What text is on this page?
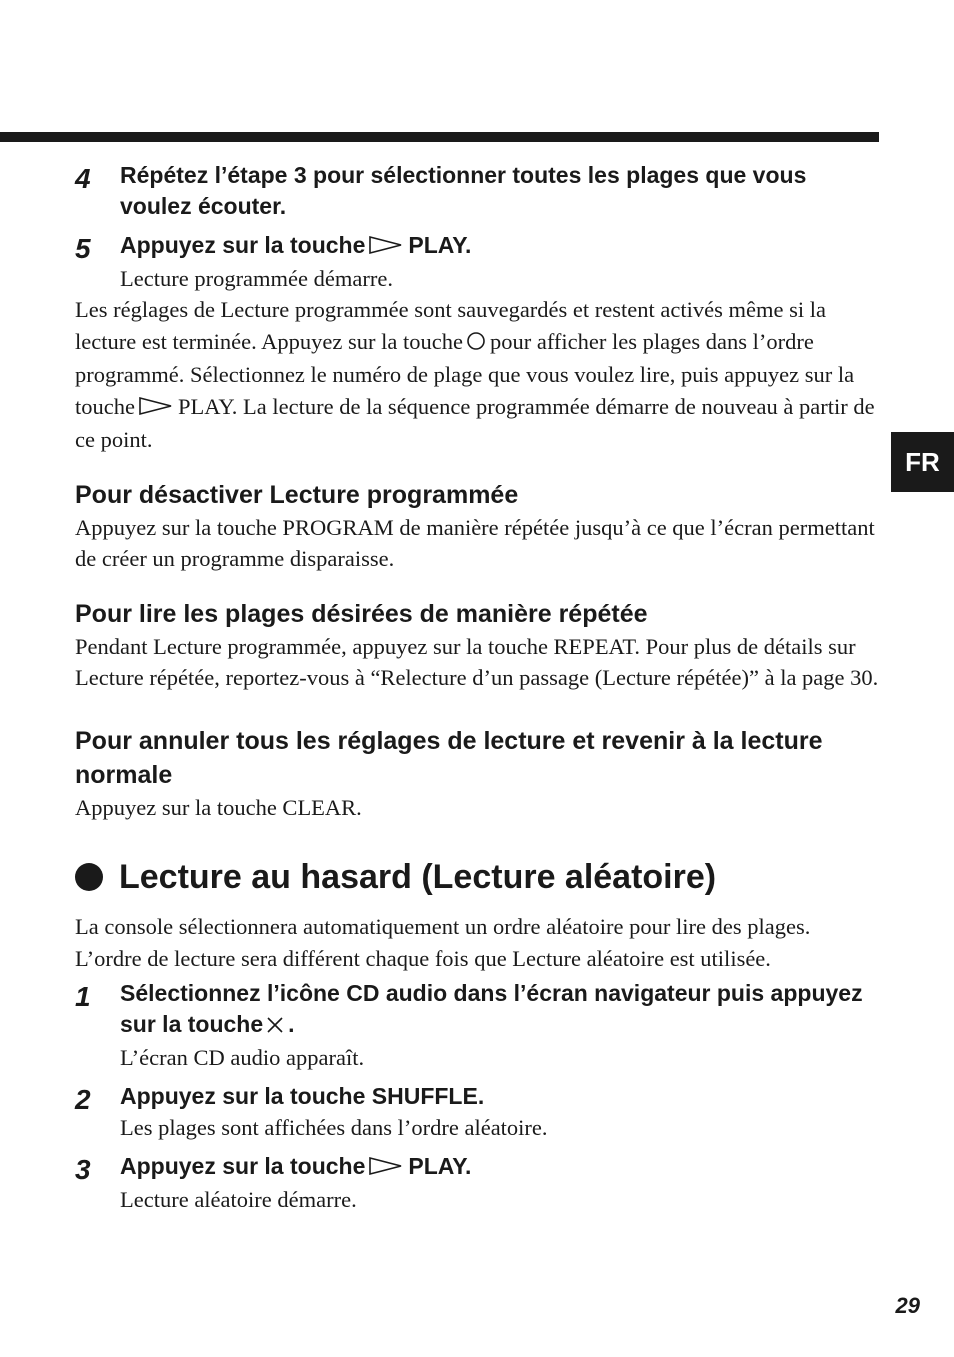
FR
4 Répétez l’étape 3 pour sélectionner toutes les plages que vous voulez écouter.
5 Appuyez sur la touche PLAY.
Lecture programmée démarre.
Les réglages de Lecture programmée sont sauvegardés et restent activés même si la lecture est terminée. Appuyez sur la touche pour afficher les plages dans l’ordre programmé. Sélectionnez le numéro de plage que vous voulez lire, puis appuyez sur la touche PLAY. La lecture de la séquence programmée démarre de nouveau à partir de ce point.
Pour désactiver Lecture programmée
Appuyez sur la touche PROGRAM de manière répétée jusqu’à ce que l’écran permettant de créer un programme disparaisse.
Pour lire les plages désirées de manière répétée
Pendant Lecture programmée, appuyez sur la touche REPEAT. Pour plus de détails sur Lecture répétée, reportez-vous à “Relecture d’un passage (Lecture répétée)” à la page 30.
Pour annuler tous les réglages de lecture et revenir à la lecture normale
Appuyez sur la touche CLEAR.
Lecture au hasard (Lecture aléatoire)
La console sélectionnera automatiquement un ordre aléatoire pour lire des plages. L’ordre de lecture sera différent chaque fois que Lecture aléatoire est utilisée.
1 Sélectionnez l’icône CD audio dans l’écran navigateur puis appuyez sur la touche .
L’écran CD audio apparaît.
2 Appuyez sur la touche SHUFFLE.
Les plages sont affichées dans l’ordre aléatoire.
3 Appuyez sur la touche PLAY.
Lecture aléatoire démarre.
29
